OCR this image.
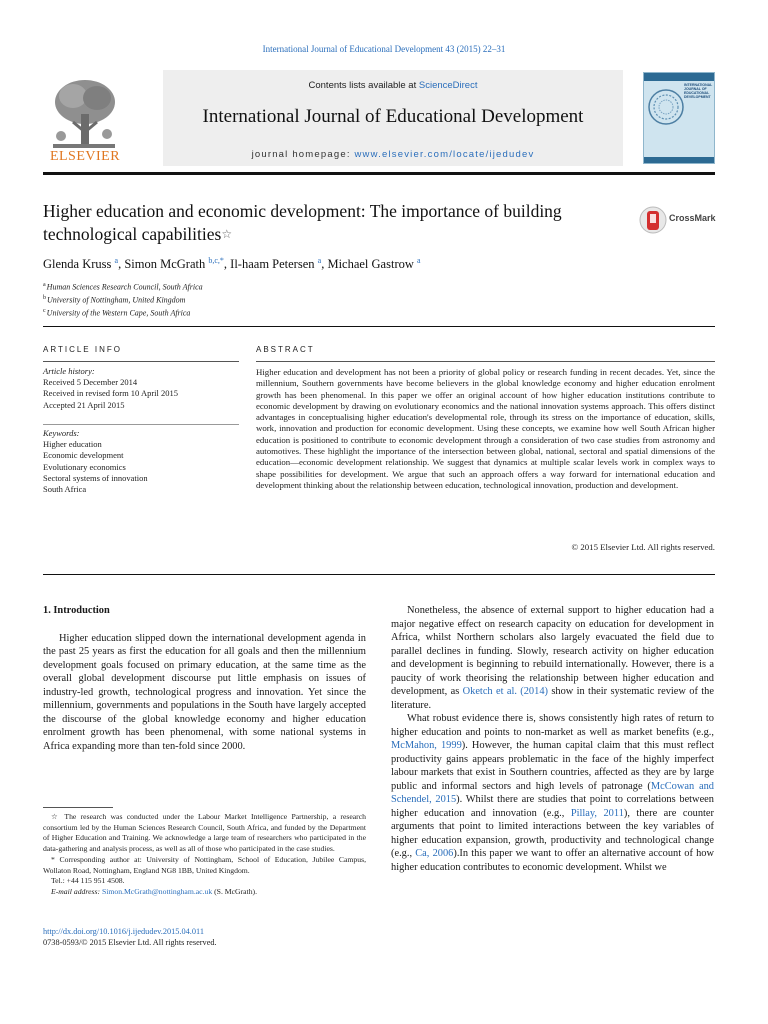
International Journal of Educational Development 43 (2015) 22–31
ELSEVIER
Contents lists available at ScienceDirect
International Journal of Educational Development
journal homepage: www.elsevier.com/locate/ijedudev
INTERNATIONAL JOURNAL OF EDUCATIONAL DEVELOPMENT
Higher education and economic development: The importance of building technological capabilities☆
CrossMark
Glenda Kruss $^a$, Simon McGrath $^{b,c,*}$, Il-haam Petersen $^a$, Michael Gastrow $^a$
$^a$Human Sciences Research Council, South Africa
$^b$University of Nottingham, United Kingdom
$^c$University of the Western Cape, South Africa
ARTICLE INFO	ABSTRACT
Article history:
Received 5 December 2014
Received in revised form 10 April 2015
Accepted 21 April 2015
Keywords:
Higher education
Economic development
Evolutionary economics
Sectoral systems of innovation
South Africa
Higher education and development has not been a priority of global policy or research funding in recent decades. Yet, since the millennium, Southern governments have become believers in the global knowledge economy and higher education enrolment growth has been phenomenal. In this paper we offer an original account of how higher education institutions contribute to economic development by drawing on evolutionary economics and the national innovation systems approach. This offers distinct advantages in conceptualising higher education's developmental role, through its stress on the importance of education, skills, work, innovation and production for economic development. Using these concepts, we examine how well South African higher education is positioned to contribute to economic development through a consideration of two case studies from astronomy and automotives. These highlight the importance of the intersection between global, national, sectoral and spatial dimensions of the education—economic development relationship. We suggest that dynamics at multiple scalar levels work in complex ways to shape possibilities for development. We argue that such an approach offers a way forward for international education and development thinking about the relationship between education, technological innovation, production and development.
© 2015 Elsevier Ltd. All rights reserved.
1. Introduction

Higher education slipped down the international development agenda in the past 25 years as first the education for all goals and then the millennium development goals focused on primary education, at the same time as the overall global development discourse put little emphasis on issues of industry-led growth, technological progress and innovation. Yet since the millennium, governments and populations in the South have largely accepted the discourse of the global knowledge economy and higher education enrolment growth has been phenomenal, with some national systems in Africa expanding more than ten-fold since 2000.

Nonetheless, the absence of external support to higher education had a major negative effect on research capacity on education for development in Africa, whilst Northern scholars also largely evacuated the field due to parallel declines in funding. Slowly, research activity on higher education and development is beginning to rebuild internationally. However, there is a paucity of work theorising the relationship between higher education and development, as Oketch et al. (2014) show in their systematic review of the literature.

What robust evidence there is, shows consistently high rates of return to higher education and points to non-market as well as market benefits (e.g., McMahon, 1999). However, the human capital claim that this must reflect productivity gains appears problematic in the face of the highly imperfect labour markets that exist in Southern countries, affected as they are by large public and informal sectors and high levels of patronage (McCowan and Schendel, 2015). Whilst there are studies that point to correlations between higher education and innovation (e.g., Pillay, 2011), there are counter arguments that point to limited interactions between the key variables of higher education expansion, growth, productivity and technological change (e.g., Ca, 2006).In this paper we want to offer an alternative account of how higher education contributes to economic development. Whilst we

☆ The research was conducted under the Labour Market Intelligence Partnership, a research consortium led by the Human Sciences Research Council, South Africa, and funded by the Department of Higher Education and Training. We acknowledge a large team of researchers who participated in the data-gathering and analysis process, as well as all of those who participated in the case studies.

* Corresponding author at: University of Nottingham, School of Education, Jubilee Campus, Wollaton Road, Nottingham, England NG8 1BB, United Kingdom.

Tel.: +44 115 951 4508.

E-mail address: Simon.McGrath@nottingham.ac.uk (S. McGrath).

http://dx.doi.org/10.1016/j.ijedudev.2015.04.011
0738-0593/© 2015 Elsevier Ltd. All rights reserved.
